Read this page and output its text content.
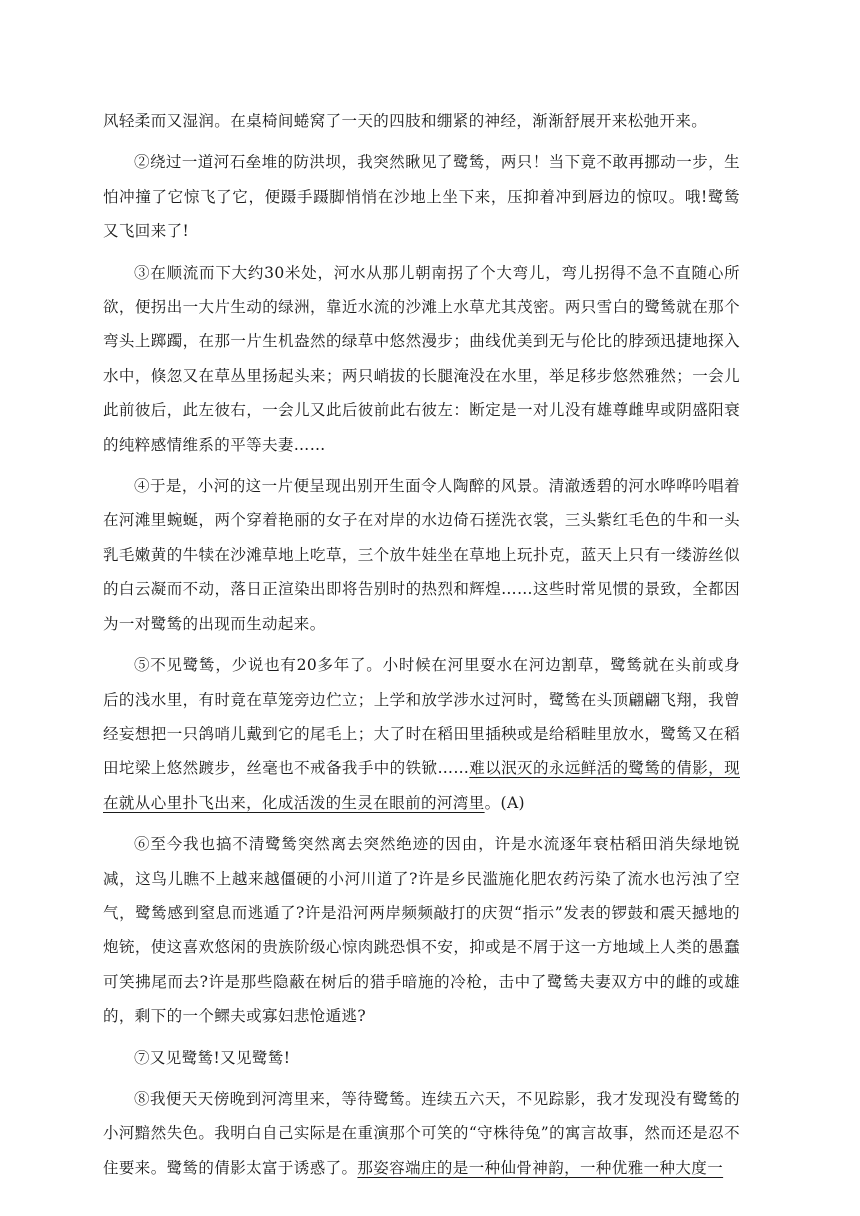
风轻柔而又湿润。在桌椅间蜷窝了一天的四肢和绷紧的神经，渐渐舒展开来松弛开来。

②绕过一道河石垒堆的防洪坝，我突然瞅见了鹭鸶，两只！当下竟不敢再挪动一步，生怕冲撞了它惊飞了它，便蹑手蹑脚悄悄在沙地上坐下来，压抑着冲到唇边的惊叹。哦!鹭鸶又飞回来了!

③在顺流而下大约30米处，河水从那儿朝南拐了个大弯儿，弯儿拐得不急不直随心所欲，便拐出一大片生动的绿洲，靠近水流的沙滩上水草尤其茂密。两只雪白的鹭鸶就在那个弯头上踯躅，在那一片生机盎然的绿草中悠然漫步；曲线优美到无与伦比的脖颈迅捷地探入水中，倏忽又在草丛里扬起头来；两只峭拔的长腿淹没在水里，举足移步悠然雅然；一会儿此前彼后，此左彼右，一会儿又此后彼前此右彼左：断定是一对儿没有雄尊雌卑或阴盛阳衰的纯粹感情维系的平等夫妻……

④于是，小河的这一片便呈现出别开生面令人陶醉的风景。清澈透碧的河水哗哗吟唱着在河滩里蜿蜒，两个穿着艳丽的女子在对岸的水边倚石搓洗衣裳，三头紫红毛色的牛和一头乳毛嫩黄的牛犊在沙滩草地上吃草，三个放牛娃坐在草地上玩扑克，蓝天上只有一缕游丝似的白云凝而不动，落日正渲染出即将告别时的热烈和辉煌……这些时常见惯的景致，全都因为一对鹭鸶的出现而生动起来。

⑤不见鹭鸶，少说也有20多年了。小时候在河里耍水在河边割草，鹭鸶就在头前或身后的浅水里，有时竟在草笼旁边伫立；上学和放学涉水过河时，鹭鸶在头顶翩翩飞翔，我曾经妄想把一只鸽哨儿戴到它的尾毛上；大了时在稻田里插秧或是给稻畦里放水，鹭鸶又在稻田坨梁上悠然踱步，丝毫也不戒备我手中的铁锨……难以泯灭的永远鲜活的鹭鸶的倩影，现在就从心里扑飞出来，化成活泼的生灵在眼前的河湾里。(A)

⑥至今我也搞不清鹭鸶突然离去突然绝迹的因由，许是水流逐年衰枯稻田消失绿地锐减，这鸟儿瞧不上越来越僵硬的小河川道了?许是乡民滥施化肥农药污染了流水也污浊了空气，鹭鸶感到窒息而逃遁了?许是沿河两岸频频敲打的庆贺“指示”发表的锣鼓和震天撼地的炮铳，使这喜欢悠闲的贵族阶级心惊肉跳恐惧不安，抑或是不屑于这一方地域上人类的愚蠢可笑拂尾而去?许是那些隐蔽在树后的猎手暗施的冷枪，击中了鹭鸶夫妻双方中的雌的或雄的，剩下的一个鳏夫或寡妇悲怆遁逃?

⑦又见鹭鸶!又见鹭鸶!

⑧我便天天傍晚到河湾里来，等待鹭鸶。连续五六天，不见踪影，我才发现没有鹭鸶的小河黯然失色。我明白自己实际是在重演那个可笑的“守株待兔”的寓言故事，然而还是忍不住要来。鹭鸶的倩影太富于诱惑了。那姿容端庄的是一种仙骨神韵，一种优雅一种大度一
